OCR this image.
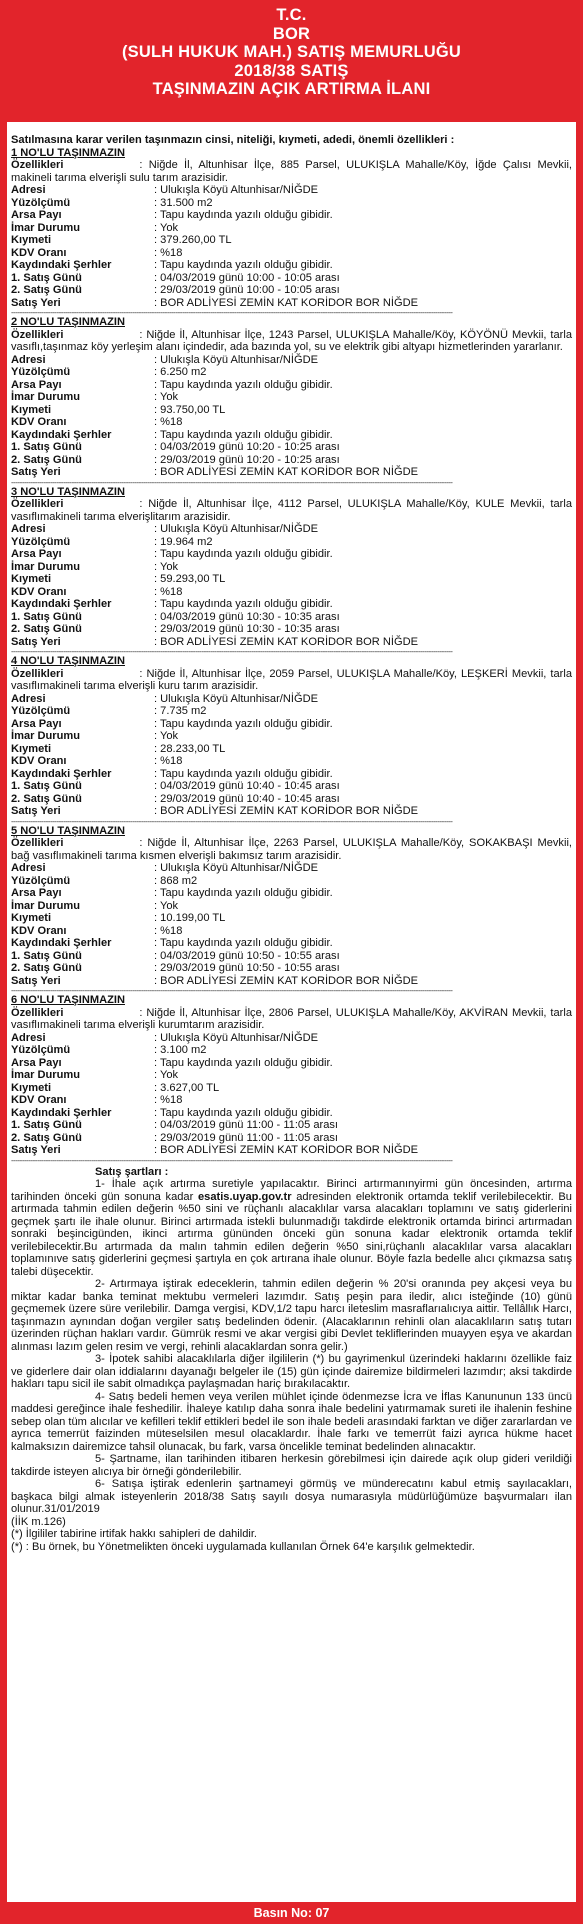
T.C.
BOR
(SULH HUKUK MAH.) SATIŞ MEMURLUĞU
2018/38 SATIŞ
TAŞINMAZIN AÇIK ARTIRMA İLANI
Satılmasına karar verilen taşınmazın cinsi, niteliği, kıymeti, adedi, önemli özellikleri :
1 NO'LU TAŞINMAZIN
Özellikleri	: Niğde İl, Altunhisar İlçe, 885 Parsel, ULUKIŞLA Mahalle/Köy, İğde Çalısı Mevkii, makineli tarıma elverişli sulu tarım arazisidir.
Adresi	: Ulukışla Köyü Altunhisar/NİĞDE
Yüzölçümü	: 31.500 m2
Arsa Payı	: Tapu kaydında yazılı olduğu gibidir.
İmar Durumu	: Yok
Kıymeti	: 379.260,00 TL
KDV Oranı	: %18
Kaydındaki Şerhler	: Tapu kaydında yazılı olduğu gibidir.
1. Satış Günü	: 04/03/2019 günü 10:00 - 10:05 arası
2. Satış Günü	: 29/03/2019 günü 10:00 - 10:05 arası
Satış Yeri	: BOR ADLİYESİ ZEMİN KAT KORİDOR BOR NİĞDE
------------------------------------------------------------------------------------------------------------------------------------------------------------------------------------------------------------
2 NO'LU TAŞINMAZIN
Özellikleri	: Niğde İl, Altunhisar İlçe, 1243 Parsel, ULUKIŞLA Mahalle/Köy, KÖYÖNÜ Mevkii, tarla vasıflı,taşınmaz köy yerleşim alanı içindedir, ada bazında yol, su ve elektrik gibi altyapı hizmetlerinden yararlanır.
Adresi	: Ulukışla Köyü Altunhisar/NİĞDE
Yüzölçümü	: 6.250 m2
Arsa Payı	: Tapu kaydında yazılı olduğu gibidir.
İmar Durumu	: Yok
Kıymeti	: 93.750,00 TL
KDV Oranı	: %18
Kaydındaki Şerhler	: Tapu kaydında yazılı olduğu gibidir.
1. Satış Günü	: 04/03/2019 günü 10:20 - 10:25 arası
2. Satış Günü	: 29/03/2019 günü 10:20 - 10:25 arası
Satış Yeri	: BOR ADLİYESİ ZEMİN KAT KORİDOR BOR NİĞDE
------------------------------------------------------------------------------------------------------------------------------------------------------------------------------------------------------------
3 NO'LU TAŞINMAZIN
Özellikleri	: Niğde İl, Altunhisar İlçe, 4112 Parsel, ULUKIŞLA Mahalle/Köy, KULE Mevkii, tarla vasıflımakineli tarıma elverişlitarım arazisidir.
Adresi	: Ulukışla Köyü Altunhisar/NİĞDE
Yüzölçümü	: 19.964 m2
Arsa Payı	: Tapu kaydında yazılı olduğu gibidir.
İmar Durumu	: Yok
Kıymeti	: 59.293,00 TL
KDV Oranı	: %18
Kaydındaki Şerhler	: Tapu kaydında yazılı olduğu gibidir.
1. Satış Günü	: 04/03/2019 günü 10:30 - 10:35 arası
2. Satış Günü	: 29/03/2019 günü 10:30 - 10:35 arası
Satış Yeri	: BOR ADLİYESİ ZEMİN KAT KORİDOR BOR NİĞDE
------------------------------------------------------------------------------------------------------------------------------------------------------------------------------------------------------------
4 NO'LU TAŞINMAZIN
Özellikleri	: Niğde İl, Altunhisar İlçe, 2059 Parsel, ULUKIŞLA Mahalle/Köy, LEŞKERİ Mevkii, tarla vasıflımakineli tarıma elverişli kuru tarım arazisidir.
Adresi	: Ulukışla Köyü Altunhisar/NİĞDE
Yüzölçümü	: 7.735 m2
Arsa Payı	: Tapu kaydında yazılı olduğu gibidir.
İmar Durumu	: Yok
Kıymeti	: 28.233,00 TL
KDV Oranı	: %18
Kaydındaki Şerhler	: Tapu kaydında yazılı olduğu gibidir.
1. Satış Günü	: 04/03/2019 günü 10:40 - 10:45 arası
2. Satış Günü	: 29/03/2019 günü 10:40 - 10:45 arası
Satış Yeri	: BOR ADLİYESİ ZEMİN KAT KORİDOR BOR NİĞDE
------------------------------------------------------------------------------------------------------------------------------------------------------------------------------------------------------------
5 NO'LU TAŞINMAZIN
Özellikleri	: Niğde İl, Altunhisar İlçe, 2263 Parsel, ULUKIŞLA Mahalle/Köy, SOKAKBAŞI Mevkii, bağ vasıflımakineli tarıma kısmen elverişli bakımsız tarım arazisidir.
Adresi	: Ulukışla Köyü Altunhisar/NİĞDE
Yüzölçümü	: 868 m2
Arsa Payı	: Tapu kaydında yazılı olduğu gibidir.
İmar Durumu	: Yok
Kıymeti	: 10.199,00 TL
KDV Oranı	: %18
Kaydındaki Şerhler	: Tapu kaydında yazılı olduğu gibidir.
1. Satış Günü	: 04/03/2019 günü 10:50 - 10:55 arası
2. Satış Günü	: 29/03/2019 günü 10:50 - 10:55 arası
Satış Yeri	: BOR ADLİYESİ ZEMİN KAT KORİDOR BOR NİĞDE
------------------------------------------------------------------------------------------------------------------------------------------------------------------------------------------------------------
6 NO'LU TAŞINMAZIN
Özellikleri	: Niğde İl, Altunhisar İlçe, 2806 Parsel, ULUKIŞLA Mahalle/Köy, AKVİRAN Mevkii, tarla vasıflımakineli tarıma elverişli kurumtarım arazisidir.
Adresi	: Ulukışla Köyü Altunhisar/NİĞDE
Yüzölçümü	: 3.100 m2
Arsa Payı	: Tapu kaydında yazılı olduğu gibidir.
İmar Durumu	: Yok
Kıymeti	: 3.627,00 TL
KDV Oranı	: %18
Kaydındaki Şerhler	: Tapu kaydında yazılı olduğu gibidir.
1. Satış Günü	: 04/03/2019 günü 11:00 - 11:05 arası
2. Satış Günü	: 29/03/2019 günü 11:00 - 11:05 arası
Satış Yeri	: BOR ADLİYESİ ZEMİN KAT KORİDOR BOR NİĞDE
------------------------------------------------------------------------------------------------------------------------------------------------------------------------------------------------------------
Satış şartları :
1- İhale açık artırma suretiyle yapılacaktır. Birinci artırmanınyirmi gün öncesinden, artırma tarihinden önceki gün sonuna kadar esatis.uyap.gov.tr adresinden elektronik ortamda teklif verilebilecektir. Bu artırmada tahmin edilen değerin %50 sini ve rüçhanlı alacaklılar varsa alacakları toplamını ve satış giderlerini geçmek şartı ile ihale olunur. Birinci artırmada istekli bulunmadığı takdirde elektronik ortamda birinci artırmadan sonraki beşincigünden, ikinci artırma gününden önceki gün sonuna kadar elektronik ortamda teklif verilebilecektir.Bu artırmada da malın tahmin edilen değerin %50 sini,rüçhanlı alacaklılar varsa alacakları toplamınıve satış giderlerini geçmesi şartıyla en çok artırana ihale olunur. Böyle fazla bedelle alıcı çıkmazsa satış talebi düşecektir.
2- Artırmaya iştirak edeceklerin, tahmin edilen değerin % 20'si oranında pey akçesi veya bu miktar kadar banka teminat mektubu vermeleri lazımdır. Satış peşin para iledir, alıcı isteğinde (10) günü geçmemek üzere süre verilebilir. Damga vergisi, KDV,1/2 tapu harcı ileteslim masraflarıalıcıya aittir. Tellâllık Harcı, taşınmazın aynından doğan vergiler satış bedelinden ödenir. (Alacaklarının rehinli olan alacaklıların satış tutarı üzerinden rüçhan hakları vardır. Gümrük resmi ve akar vergisi gibi Devlet tekliflerinden muayyen eşya ve akardan alınması lazım gelen resim ve vergi, rehinli alacaklardan sonra gelir.)
3- İpotek sahibi alacaklılarla diğer ilgililerin (*) bu gayrimenkul üzerindeki haklarını özellikle faiz ve giderlere dair olan iddialarını dayanağı belgeler ile (15) gün içinde dairemize bildirmeleri lazımdır; aksi takdirde hakları tapu sicil ile sabit olmadıkça paylaşmadan hariç bırakılacaktır.
4- Satış bedeli hemen veya verilen mühlet içinde ödenmezse İcra ve İflas Kanununun 133 üncü maddesi gereğince ihale feshedilir. İhaleye katılıp daha sonra ihale bedelini yatırmamak sureti ile ihalenin feshine sebep olan tüm alıcılar ve kefilleri teklif ettikleri bedel ile son ihale bedeli arasındaki farktan ve diğer zararlardan ve ayrıca temerrüt faizinden müteselsilen mesul olacaklardır. İhale farkı ve temerrüt faizi ayrıca hükme hacet kalmaksızın dairemizce tahsil olunacak, bu fark, varsa öncelikle teminat bedelinden alınacaktır.
5- Şartname, ilan tarihinden itibaren herkesin görebilmesi için dairede açık olup gideri verildiği takdirde isteyen alıcıya bir örneği gönderilebilir.
6- Satışa iştirak edenlerin şartnameyi görmüş ve münderecatını kabul etmiş sayılacakları, başkaca bilgi almak isteyenlerin 2018/38 Satış sayılı dosya numarasıyla müdürlüğümüze başvurmaları ilan olunur.31/01/2019
(İİK m.126)
(*) İlgililer tabirine irtifak hakkı sahipleri de dahildir.
(*) : Bu örnek, bu Yönetmelikten önceki uygulamada kullanılan Örnek 64'e karşılık gelmektedir.
Basın No: 07
